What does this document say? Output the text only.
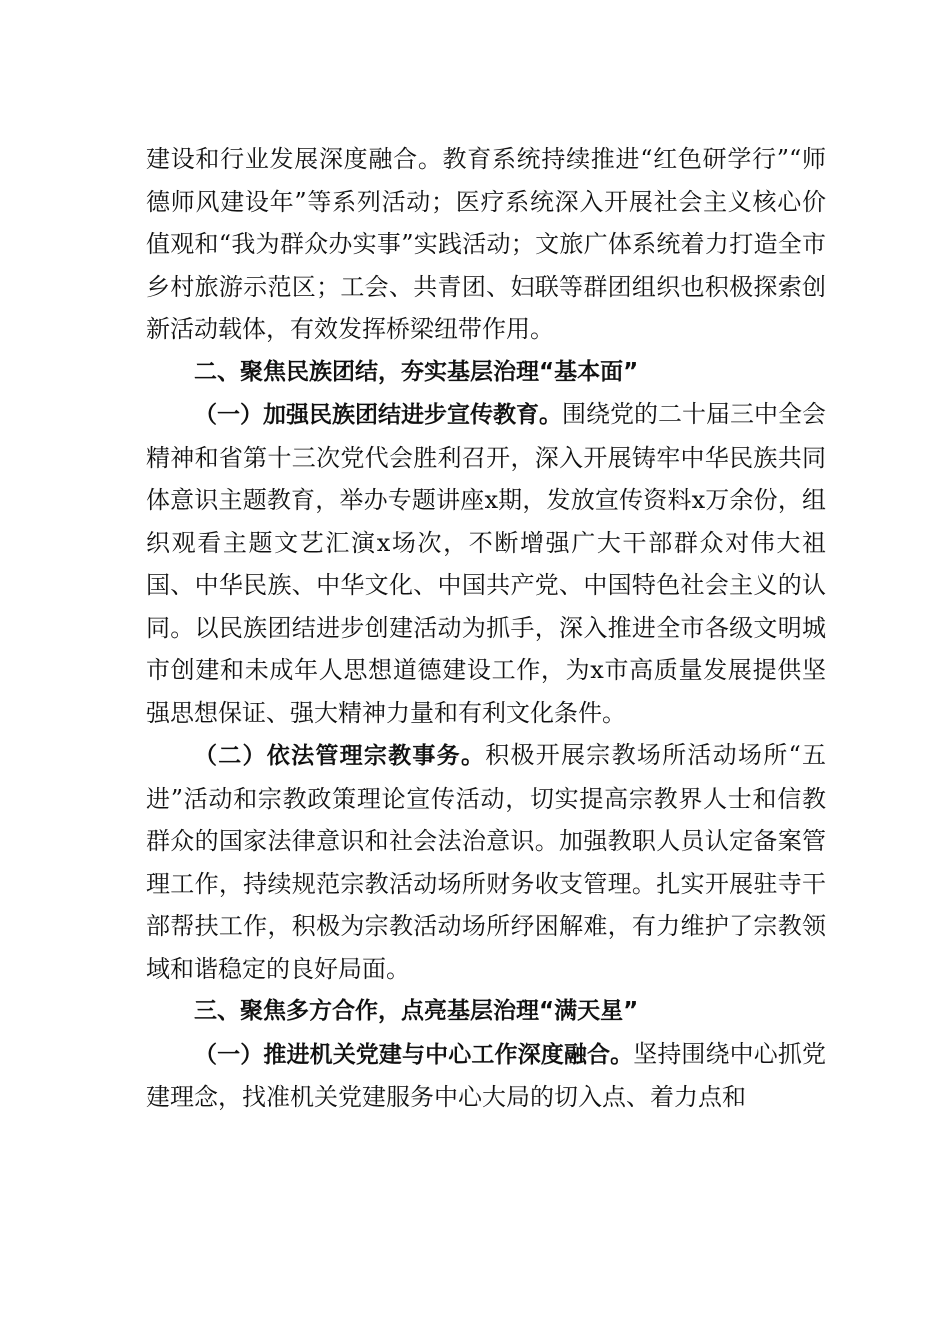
建设和行业发展深度融合。教育系统持续推进“红色研学行”“师德师风建设年”等系列活动；医疗系统深入开展社会主义核心价值观和“我为群众办实事”实践活动；文旅广体系统着力打造全市乡村旅游示范区；工会、共青团、妇联等群团组织也积极探索创新活动载体，有效发挥桥梁纽带作用。

二、聚焦民族团结，夯实基层治理“基本面”

（一）加强民族团结进步宣传教育。围绕党的二十届三中全会精神和省第十三次党代会胜利召开，深入开展铸牢中华民族共同体意识主题教育，举办专题讲座x期，发放宣传资料x万余份，组织观看主题文艺汇演x场次，不断增强广大干部群众对伟大祖国、中华民族、中华文化、中国共产党、中国特色社会主义的认同。以民族团结进步创建活动为抓手，深入推进全市各级文明城市创建和未成年人思想道德建设工作，为x市高质量发展提供坚强思想保证、强大精神力量和有利文化条件。

（二）依法管理宗教事务。积极开展宗教场所活动场所“五进”活动和宗教政策理论宣传活动，切实提高宗教界人士和信教群众的国家法律意识和社会法治意识。加强教职人员认定备案管理工作，持续规范宗教活动场所财务收支管理。扎实开展驻寺干部帮扶工作，积极为宗教活动场所纾困解难，有力维护了宗教领域和谐稳定的良好局面。

三、聚焦多方合作，点亮基层治理“满天星”

（一）推进机关党建与中心工作深度融合。坚持围绕中心抓党建理念，找准机关党建服务中心大局的切入点、着力点和
